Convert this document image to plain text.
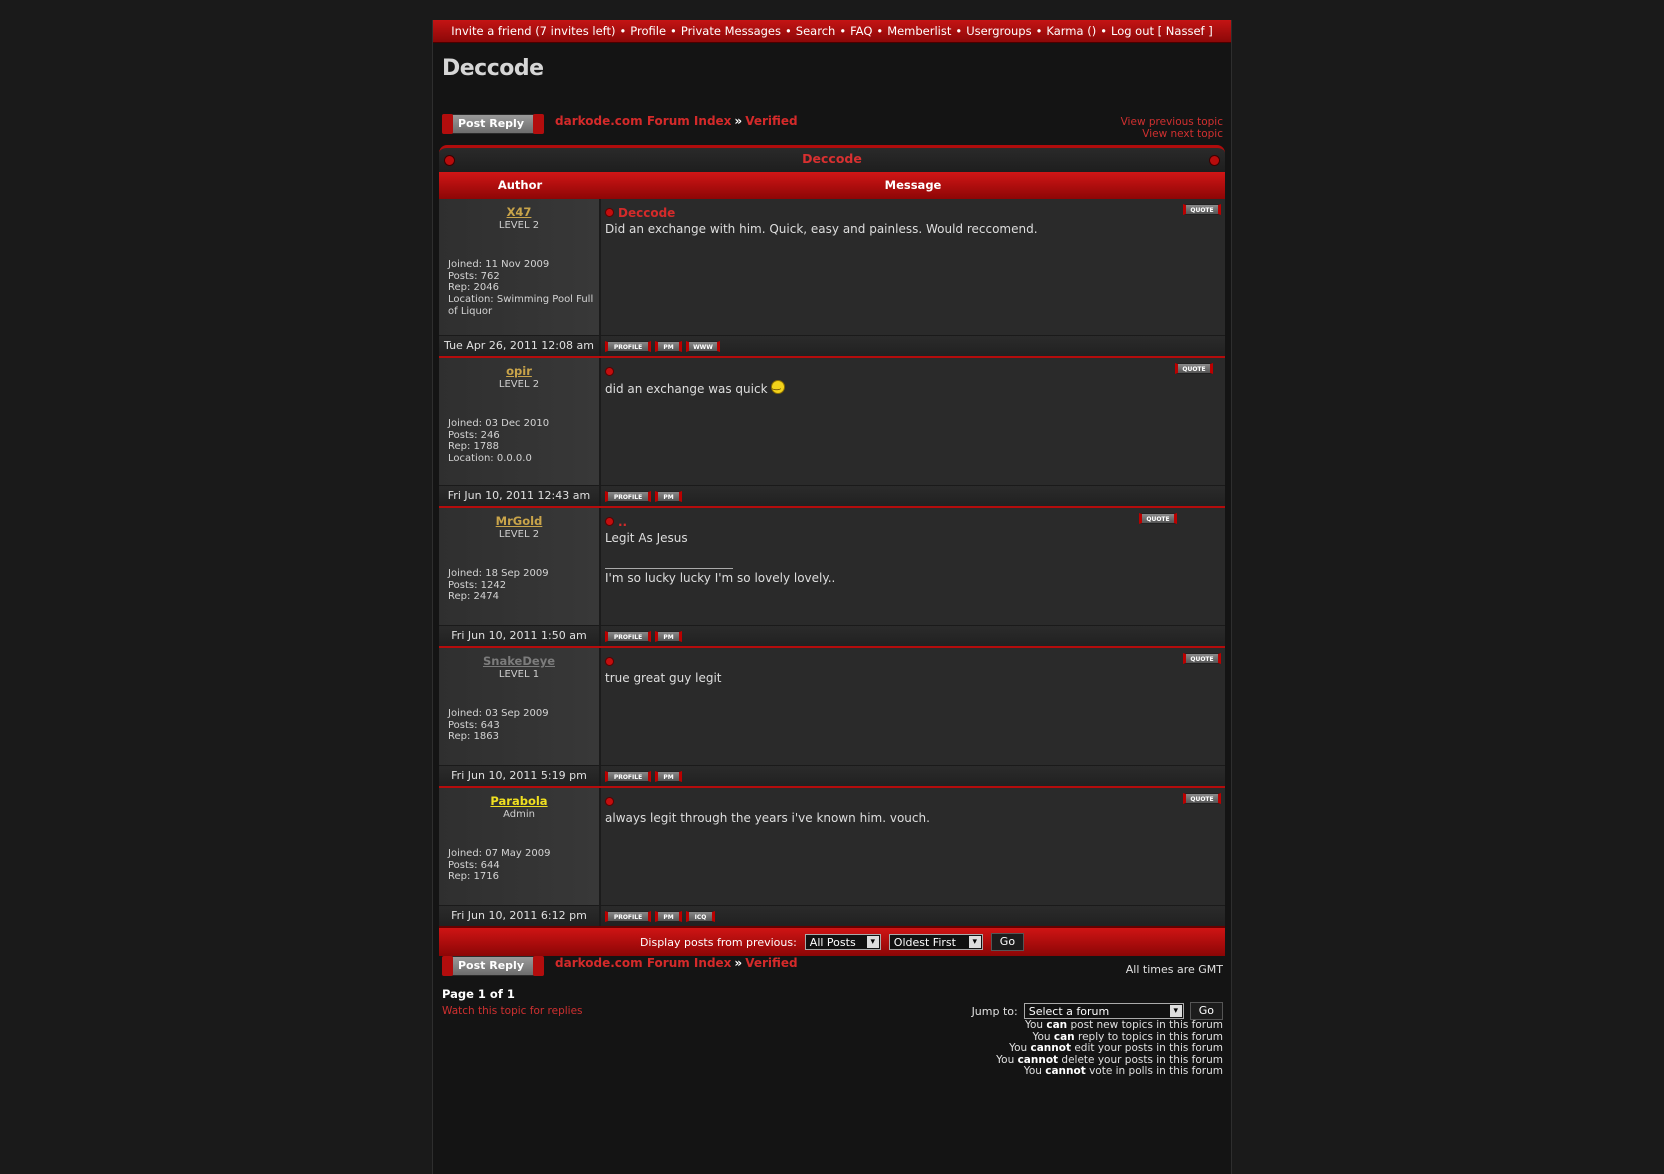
Invite a friend (7 invites left) • Profile • Private Messages • Search • FAQ • Memberlist • Usergroups • Karma () • Log out [ Nassef ]
Deccode
Post Reply	darkode.com Forum Index » Verified	View previous topic
View next topic
Deccode
Author	Message
X47
LEVEL 2
Joined: 11 Nov 2009
Posts: 762
Rep: 2046
Location: Swimming Pool Full of Liquor
Deccode
Did an exchange with him. Quick, easy and painless. Would reccomend.
QUOTE
Tue Apr 26, 2011 12:08 am	PROFILE	PM	WWW
opir
LEVEL 2
Joined: 03 Dec 2010
Posts: 246
Rep: 1788
Location: 0.0.0.0
did an exchange was quick‿
QUOTE
Fri Jun 10, 2011 12:43 am	PROFILE	PM
MrGold
LEVEL 2
Joined: 18 Sep 2009
Posts: 1242
Rep: 2474
..
Legit As Jesus
I'm so lucky lucky I'm so lovely lovely..
QUOTE
Fri Jun 10, 2011 1:50 am	PROFILE	PM
SnakeDeye
LEVEL 1
Joined: 03 Sep 2009
Posts: 643
Rep: 1863
true great guy legit
QUOTE
Fri Jun 10, 2011 5:19 pm	PROFILE	PM
Parabola
Admin
Joined: 07 May 2009
Posts: 644
Rep: 1716
always legit through the years i've known him. vouch.
QUOTE
Fri Jun 10, 2011 6:12 pm	PROFILE	PM	ICQ
Display posts from previous:	All Posts ▾	Oldest First ▾	Go
Post Reply	darkode.com Forum Index » Verified	All times are GMT
Page 1 of 1
Watch this topic for replies	Jump to:	Select a forum ▾	Go
You can post new topics in this forum
You can reply to topics in this forum
You cannot edit your posts in this forum
You cannot delete your posts in this forum
You cannot vote in polls in this forum
